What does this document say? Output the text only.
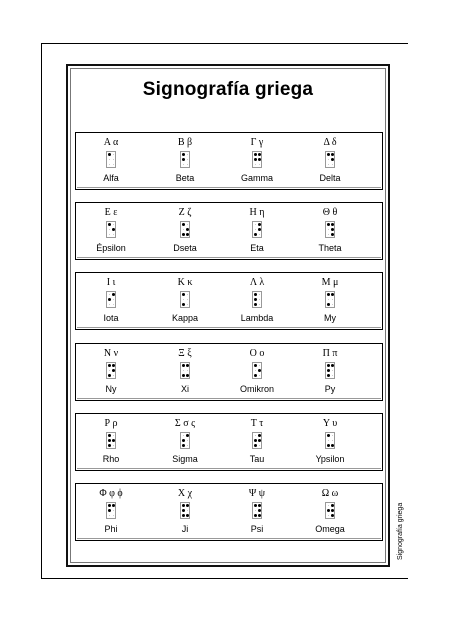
Signografía griega
Α α
Alfa
Β β
Beta
Γ γ
Gamma
Δ δ
Delta
Ε ε
Épsilon
Ζ ζ
Dseta
Η η
Eta
Θ θ
Theta
Ι ι
Iota
Κ κ
Kappa
Λ λ
Lambda
Μ μ
My
Ν ν
Ny
Ξ ξ
Xi
Ο ο
Omikron
Π π
Py
Ρ ρ
Rho
Σ σ ς
Sigma
Τ τ
Tau
Υ υ
Ypsilon
Φ φ ϕ
Phi
Χ χ
Ji
Ψ ψ
Psi
Ω ω
Omega	Signografía griega
